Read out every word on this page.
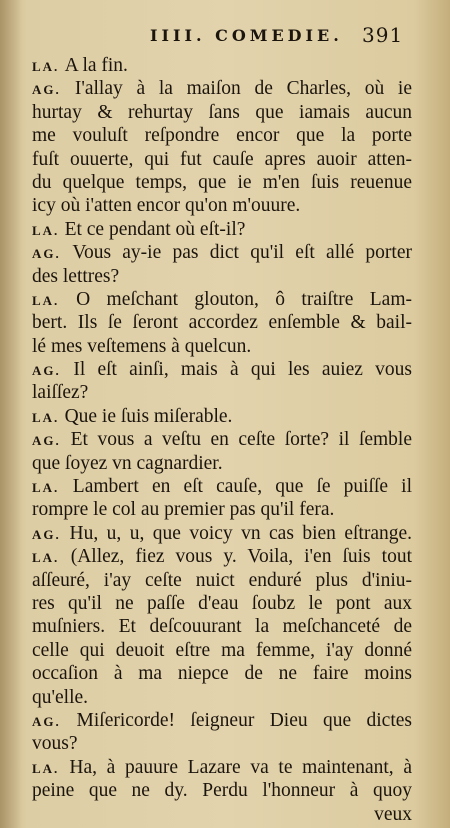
IIII. COMEDIE. 391
LA. A la fin.
AG. I'allay à la maiſon de Charles, où ie
hurtay & rehurtay ſans que iamais aucun
me vouluſt reſpondre encor que la porte
fuſt ouuerte, qui fut cauſe apres auoir atten-
du quelque temps, que ie m'en ſuis reuenue
icy où i'atten encor qu'on m'ouure.
LA. Et ce pendant où eſt-il?
AG. Vous ay-ie pas dict qu'il eſt allé porter
des lettres?
LA. O meſchant glouton, ô traiſtre Lam-
bert. Ils ſe ſeront accordez enſemble & bail-
lé mes veſtemens à quelcun.
AG. Il eſt ainſi, mais à qui les auiez vous
laiſſez?
LA. Que ie ſuis miſerable.
AG. Et vous a veſtu en ceſte ſorte? il ſemble
que ſoyez vn cagnardier.
LA. Lambert en eſt cauſe, que ſe puiſſe il
rompre le col au premier pas qu'il fera.
AG. Hu, u, u, que voicy vn cas bien eſtrange.
LA. (Allez, fiez vous y. Voila, i'en ſuis tout
aſſeuré, i'ay ceſte nuict enduré plus d'iniu-
res qu'il ne paſſe d'eau ſoubz le pont aux
muſniers. Et deſcouurant la meſchanceté de
celle qui deuoit eſtre ma femme, i'ay donné
occaſion à ma niepce de ne faire moins
qu'elle.
AG. Miſericorde! ſeigneur Dieu que dictes
vous?
LA. Ha, à pauure Lazare va te maintenant, à
peine que ne dy. Perdu l'honneur à quoy
veux
